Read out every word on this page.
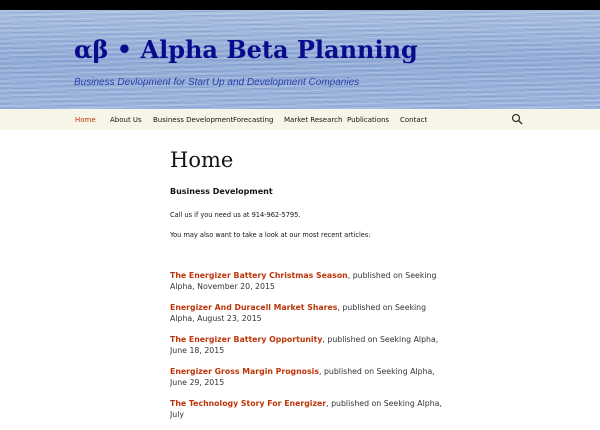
αβ • Alpha Beta Planning
Business Devlopment for Start Up and Development Companies
Home About Us Business Development Forecasting Market Research Publications Contact
Home
Business Development

Call us if you need us at 914-962-5795.

You may also want to take a look at our most recent articles:

The Energizer Battery Christmas Season, published on Seeking Alpha, November 20, 2015
Energizer And Duracell Market Shares, published on Seeking Alpha, August 23, 2015
The Energizer Battery Opportunity, published on Seeking Alpha, June 18, 2015
Energizer Gross Margin Prognosis, published on Seeking Alpha, June 29, 2015
The Technology Story For Energizer, published on Seeking Alpha, July
